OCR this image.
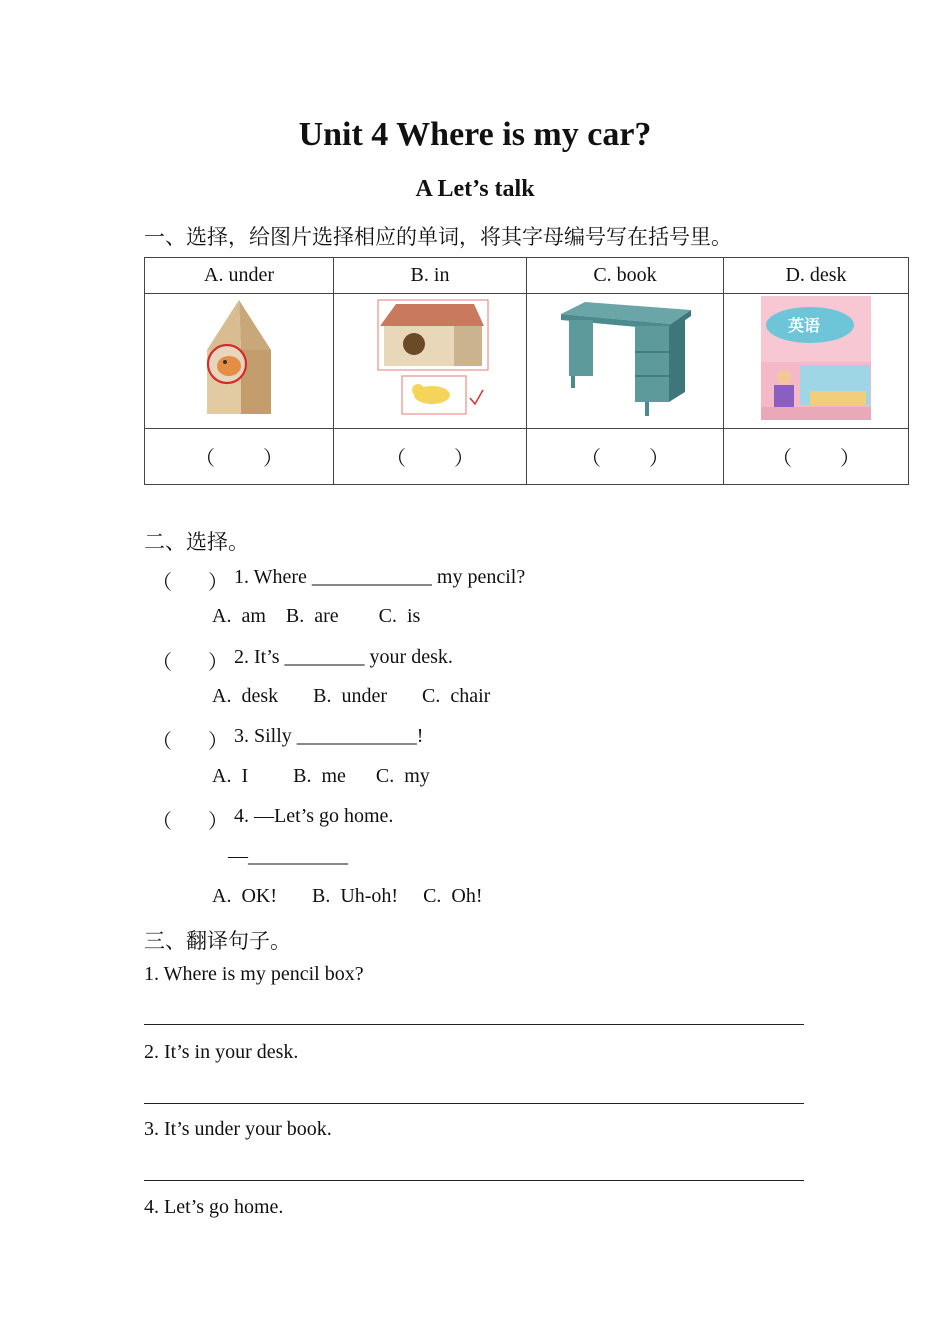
Unit 4 Where is my car?
A Let’s talk
一、选择，给图片选择相应的单词，将其字母编号写在括号里。
A. under	B. in	C. book	D. desk

英语

（ ）	（ ）	（ ）	（ ）
二、选择。
（ ） 1. Where ____________ my pencil?
A.  am    B.  are        C.  is
（ ） 2. It’s ________ your desk.
A.  desk       B.  under       C.  chair
（ ） 3. Silly ____________!
A.  I         B.  me      C.  my
（ ） 4. —Let’s go home.
—__________
A.  OK!       B.  Uh-oh!     C.  Oh!
三、翻译句子。
1. Where is my pencil box?
2. It’s in your desk.
3. It’s under your book.
4. Let’s go home.
